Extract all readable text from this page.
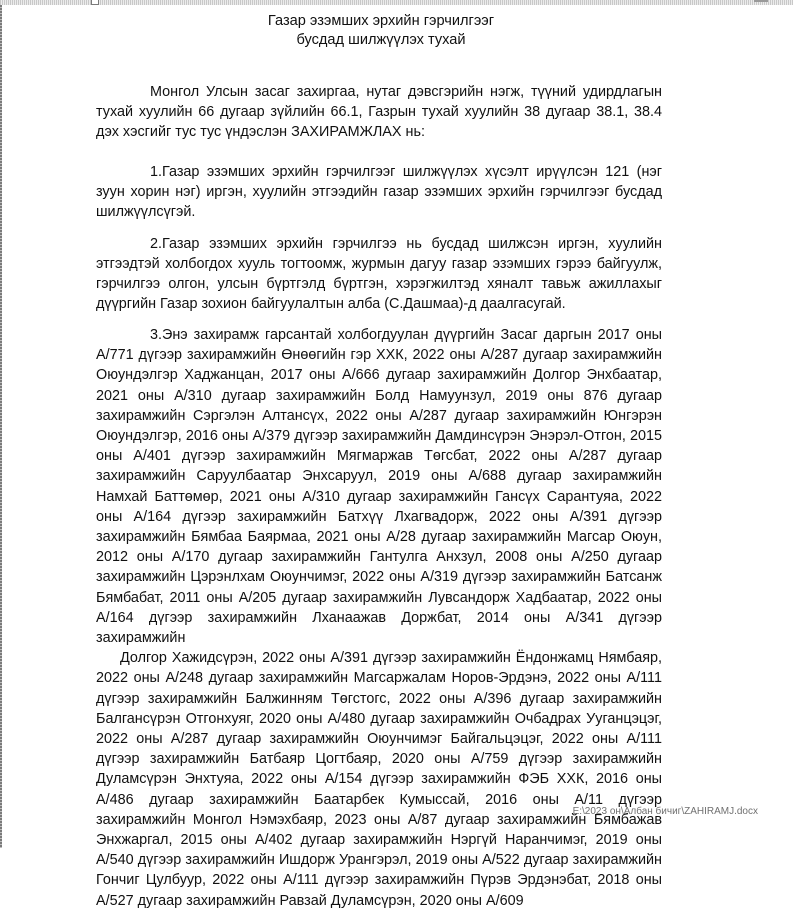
Газар эзэмших эрхийн гэрчилгээг
бусдад шилжүүлэх тухай

Монгол Улсын засаг захиргаа, нутаг дэвсгэрийн нэгж, түүний удирдлагын тухай хуулийн 66 дугаар зүйлийн 66.1, Газрын тухай хуулийн 38 дугаар 38.1, 38.4 дэх хэсгийг тус тус үндэслэн ЗАХИРАМЖЛАХ нь:

1.Газар эзэмших эрхийн гэрчилгээг шилжүүлэх хүсэлт ирүүлсэн 121 (нэг зуун хорин нэг) иргэн, хуулийн этгээдийн газар эзэмших эрхийн гэрчилгээг бусдад шилжүүлсүгэй.

2.Газар эзэмших эрхийн гэрчилгээ нь бусдад шилжсэн иргэн, хуулийн этгээдтэй холбогдох хууль тогтоомж, журмын дагуу газар эзэмших гэрээ байгуулж, гэрчилгээ олгон, улсын бүртгэлд бүртгэн, хэрэгжилтэд хяналт тавьж ажиллахыг дүүргийн Газар зохион байгуулалтын алба (С.Дашмаа)-д даалгасугай.

3.Энэ захирамж гарсантай холбогдуулан дүүргийн Засаг даргын 2017 оны А/771 дүгээр захирамжийн Өнөөгийн гэр ХХК, 2022 оны А/287 дугаар захирамжийн Оюундэлгэр Хаджанцан, 2017 оны А/666 дугаар захирамжийн Долгор Энхбаатар, 2021 оны А/310 дугаар захирамжийн Болд Намуунзул, 2019 оны 876 дугаар захирамжийн Сэргэлэн Алтансүх, 2022 оны А/287 дугаар захирамжийн Юнгэрэн Оюундэлгэр, 2016 оны А/379 дүгээр захирамжийн Дамдинсүрэн Энэрэл-Отгон, 2015 оны А/401 дүгээр захирамжийн Мягмаржав Төгсбат, 2022 оны А/287 дугаар захирамжийн Саруулбаатар Энхсаруул, 2019 оны А/688 дугаар захирамжийн Намхай Баттөмөр, 2021 оны А/310 дугаар захирамжийн Гансүх Сарантуяа, 2022 оны А/164 дүгээр захирамжийн Батхүү Лхагвадорж, 2022 оны А/391 дүгээр захирамжийн Бямбаа Баярмаа, 2021 оны А/28 дугаар захирамжийн Магсар Оюун, 2012 оны А/170 дугаар захирамжийн Гантулга Анхзул, 2008 оны А/250 дугаар захирамжийн Цэрэнлхам Оюунчимэг, 2022 оны А/319 дүгээр захирамжийн Батсанж Бямбабат, 2011 оны А/205 дугаар захирамжийн Лувсандорж Хадбаатар, 2022 оны А/164 дүгээр захирамжийн Лханаажав Доржбат, 2014 оны А/341 дүгээр захирамжийн
Долгор Хажидсүрэн, 2022 оны А/391 дүгээр захирамжийн Ёндонжамц Нямбаяр, 2022 оны А/248 дугаар захирамжийн Магсаржалам Норов-Эрдэнэ, 2022 оны А/111 дүгээр захирамжийн Балжинням Төгстогс, 2022 оны А/396 дугаар захирамжийн Балгансүрэн Отгонхуяг, 2020 оны А/480 дугаар захирамжийн Очбадрах Ууганцэцэг, 2022 оны А/287 дугаар захирамжийн Оюунчимэг Байгальцэцэг, 2022 оны А/111 дүгээр захирамжийн Батбаяр Цогтбаяр, 2020 оны А/759 дүгээр захирамжийн Дуламсүрэн Энхтуяа, 2022 оны А/154 дүгээр захирамжийн ФЭБ ХХК, 2016 оны А/486 дугаар захирамжийн Баатарбек Кумыссай, 2016 оны А/11 дүгээр захирамжийн Монгол Нэмэхбаяр, 2023 оны А/87 дугаар захирамжийн Бямбажав Энхжаргал, 2015 оны А/402 дугаар захирамжийн Нэргүй Наранчимэг, 2019 оны А/540 дүгээр захирамжийн Ишдорж Урангэрэл, 2019 оны А/522 дугаар захирамжийн Гончиг Цулбуур, 2022 оны А/111 дүгээр захирамжийн Пүрэв Эрдэнэбат, 2018 оны А/527 дугаар захирамжийн Равзай Дуламсүрэн, 2020 оны А/609
E:\2023 он\Албан бичиг\ZAHIRAMJ.docx
